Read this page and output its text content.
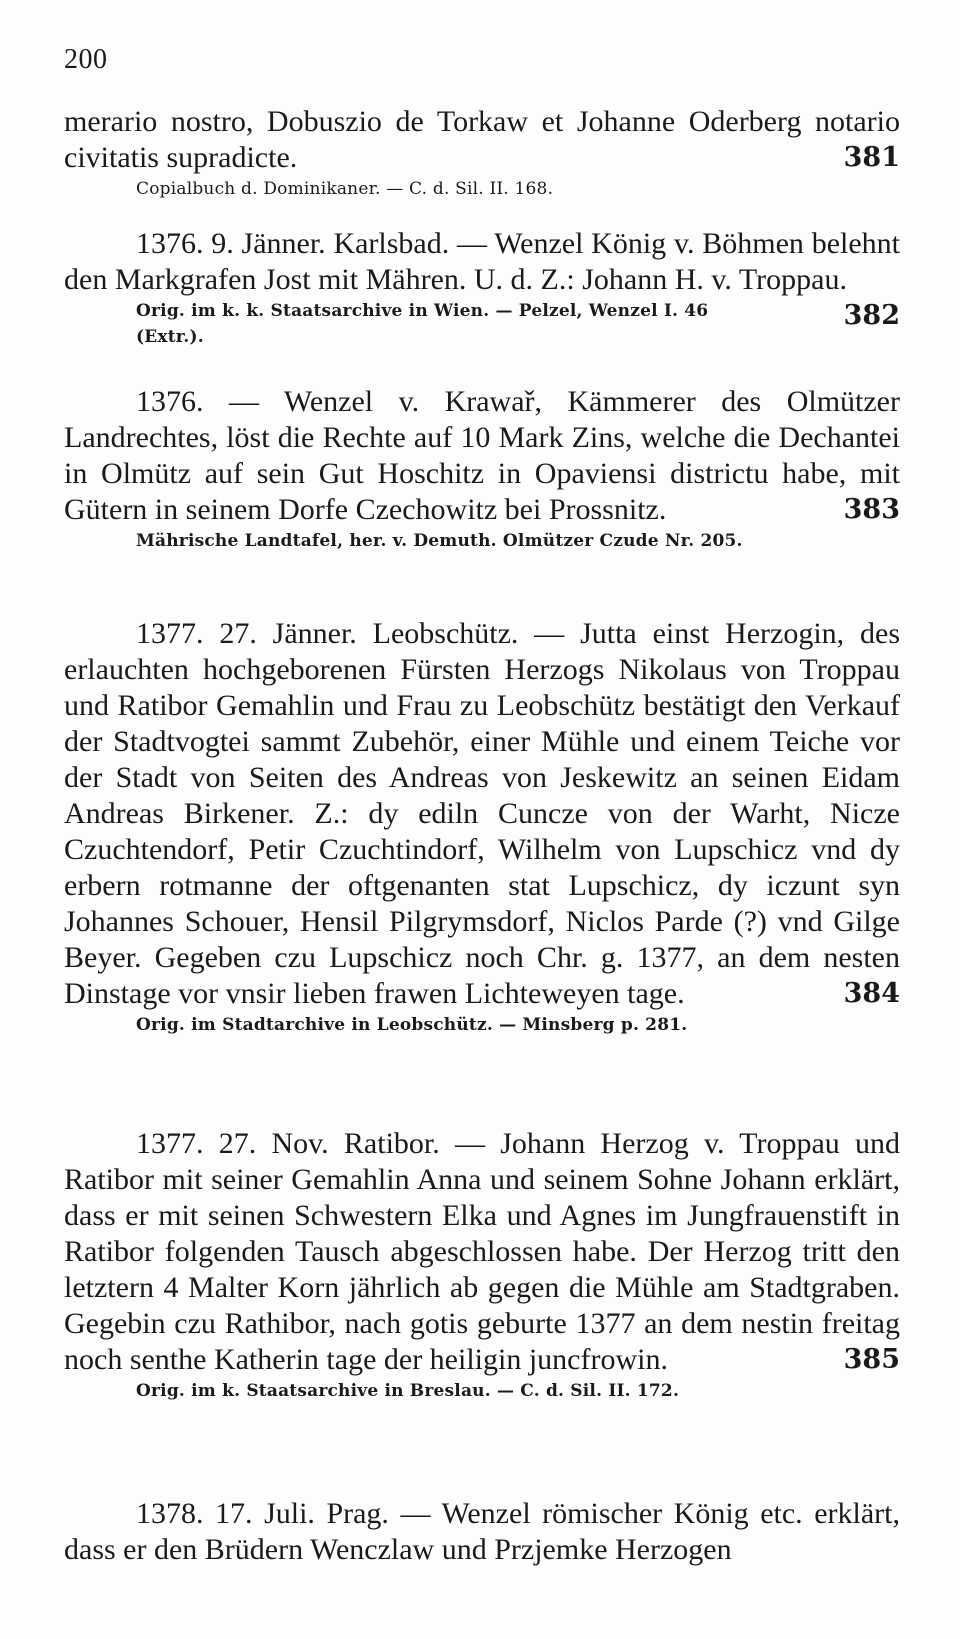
200

merario nostro, Dobuszio de Torkaw et Johanne Oderberg notario civitatis supradicte.	381

Copialbuch d. Dominikaner. — C. d. Sil. II. 168.

1376. 9. Jänner. Karlsbad. — Wenzel König v. Böhmen belehnt den Markgrafen Jost mit Mähren. U. d. Z.: Johann H. v. Troppau.
382

Orig. im k. k. Staatsarchive in Wien. — Pelzel, Wenzel I. 46 (Extr.).

1376. — Wenzel v. Krawař, Kämmerer des Olmützer Landrechtes, löst die Rechte auf 10 Mark Zins, welche die Dechantei in Olmütz auf sein Gut Hoschitz in Opaviensi districtu habe, mit Gütern in seinem Dorfe Czechowitz bei Prossnitz.	383

Mährische Landtafel, her. v. Demuth. Olmützer Czude Nr. 205.

1377. 27. Jänner. Leobschütz. — Jutta einst Herzogin, des erlauchten hochgeborenen Fürsten Herzogs Nikolaus von Troppau und Ratibor Gemahlin und Frau zu Leobschütz bestätigt den Verkauf der Stadtvogtei sammt Zubehör, einer Mühle und einem Teiche vor der Stadt von Seiten des Andreas von Jeskewitz an seinen Eidam Andreas Birkener. Z.: dy ediln Cuncze von der Warht, Nicze Czuchtendorf, Petir Czuchtindorf, Wilhelm von Lupschicz vnd dy erbern rotmanne der oftgenanten stat Lupschicz, dy iczunt syn Johannes Schouer, Hensil Pilgrymsdorf, Niclos Parde (?) vnd Gilge Beyer. Gegeben czu Lupschicz noch Chr. g. 1377, an dem nesten Dinstage vor vnsir lieben frawen Lichteweyen tage.	384

Orig. im Stadtarchive in Leobschütz. — Minsberg p. 281.

1377. 27. Nov. Ratibor. — Johann Herzog v. Troppau und Ratibor mit seiner Gemahlin Anna und seinem Sohne Johann erklärt, dass er mit seinen Schwestern Elka und Agnes im Jungfrauenstift in Ratibor folgenden Tausch abgeschlossen habe. Der Herzog tritt den letztern 4 Malter Korn jährlich ab gegen die Mühle am Stadtgraben. Gegebin czu Rathibor, nach gotis geburte 1377 an dem nestin freitag noch senthe Katherin tage der heiligin juncfrowin.	385

Orig. im k. Staatsarchive in Breslau. — C. d. Sil. II. 172.

1378. 17. Juli. Prag. — Wenzel römischer König etc. erklärt, dass er den Brüdern Wenczlaw und Przjemke Herzogen
